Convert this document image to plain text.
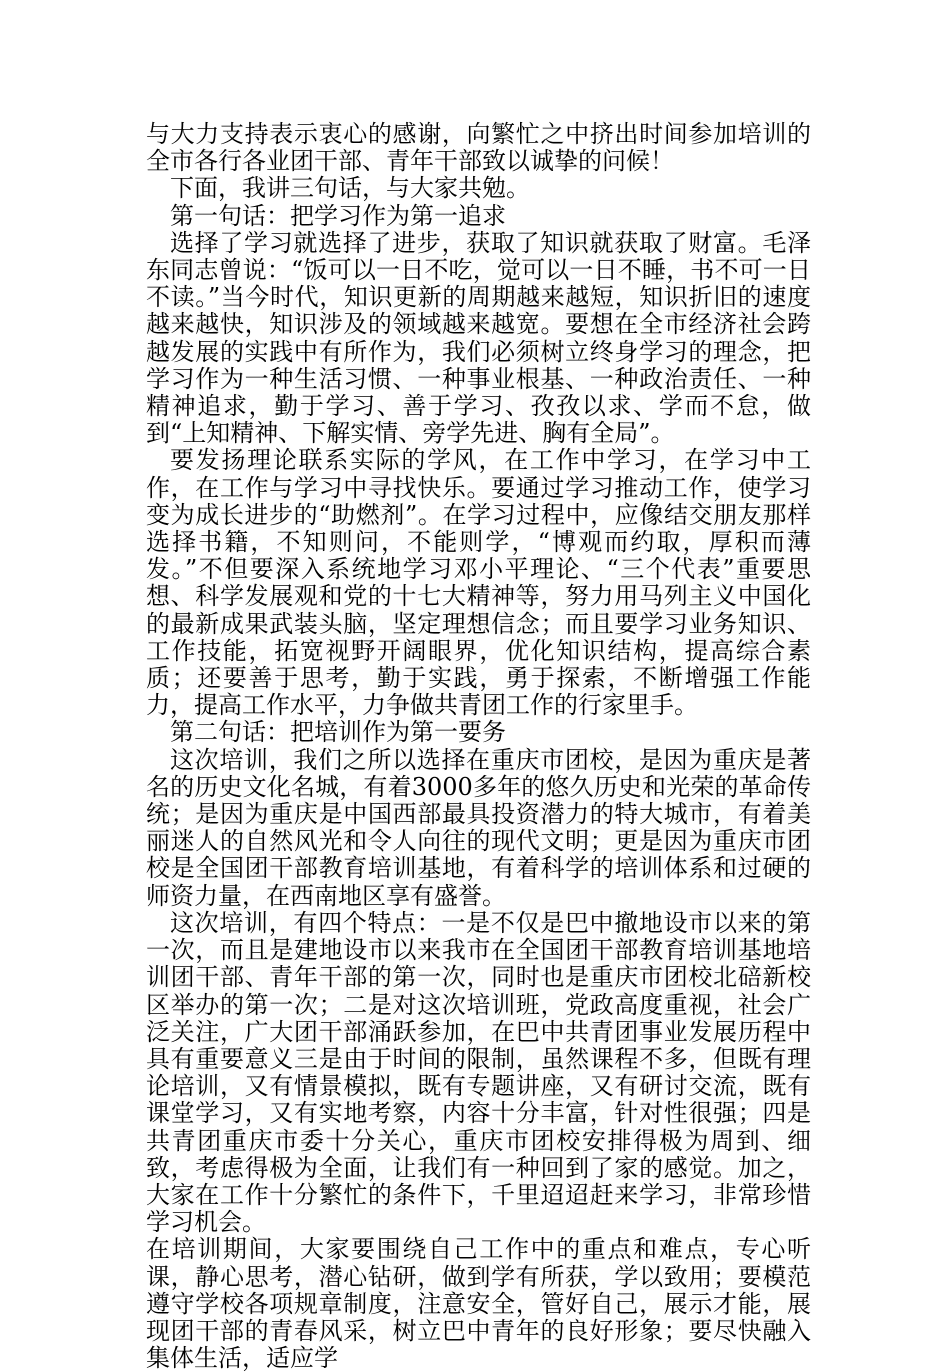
与大力支持表示衷心的感谢，向繁忙之中挤出时间参加培训的全市各行各业团干部、青年干部致以诚挚的问候！

下面，我讲三句话，与大家共勉。

第一句话：把学习作为第一追求

选择了学习就选择了进步，获取了知识就获取了财富。毛泽东同志曾说：“饭可以一日不吃，觉可以一日不睡，书不可一日不读。”当今时代，知识更新的周期越来越短，知识折旧的速度越来越快，知识涉及的领域越来越宽。要想在全市经济社会跨越发展的实践中有所作为，我们必须树立终身学习的理念，把学习作为一种生活习惯、一种事业根基、一种政治责任、一种精神追求，勤于学习、善于学习、孜孜以求、学而不怠，做到“上知精神、下解实情、旁学先进、胸有全局”。

要发扬理论联系实际的学风，在工作中学习，在学习中工作，在工作与学习中寻找快乐。要通过学习推动工作，使学习变为成长进步的“助燃剂”。在学习过程中，应像结交朋友那样选择书籍，不知则问，不能则学，“博观而约取，厚积而薄发。”不但要深入系统地学习邓小平理论、“三个代表”重要思想、科学发展观和党的十七大精神等，努力用马列主义中国化的最新成果武装头脑，坚定理想信念；而且要学习业务知识、工作技能，拓宽视野开阔眼界，优化知识结构，提高综合素质；还要善于思考，勤于实践，勇于探索，不断增强工作能力，提高工作水平，力争做共青团工作的行家里手。

第二句话：把培训作为第一要务

这次培训，我们之所以选择在重庆市团校，是因为重庆是著名的历史文化名城，有着3000多年的悠久历史和光荣的革命传统；是因为重庆是中国西部最具投资潜力的特大城市，有着美丽迷人的自然风光和令人向往的现代文明；更是因为重庆市团校是全国团干部教育培训基地，有着科学的培训体系和过硬的师资力量，在西南地区享有盛誉。

这次培训，有四个特点：一是不仅是巴中撤地设市以来的第一次，而且是建地设市以来我市在全国团干部教育培训基地培训团干部、青年干部的第一次，同时也是重庆市团校北碚新校区举办的第一次；二是对这次培训班，党政高度重视，社会广泛关注，广大团干部涌跃参加，在巴中共青团事业发展历程中具有重要意义三是由于时间的限制，虽然课程不多，但既有理论培训，又有情景模拟，既有专题讲座，又有研讨交流，既有课堂学习，又有实地考察，内容十分丰富，针对性很强；四是共青团重庆市委十分关心，重庆市团校安排得极为周到、细致，考虑得极为全面，让我们有一种回到了家的感觉。加之，大家在工作十分繁忙的条件下，千里迢迢赶来学习，非常珍惜学习机会。

在培训期间，大家要围绕自己工作中的重点和难点，专心听课，静心思考，潜心钻研，做到学有所获，学以致用；要模范遵守学校各项规章制度，注意安全，管好自己，展示才能，展现团干部的青春风采，树立巴中青年的良好形象；要尽快融入集体生活，适应学
